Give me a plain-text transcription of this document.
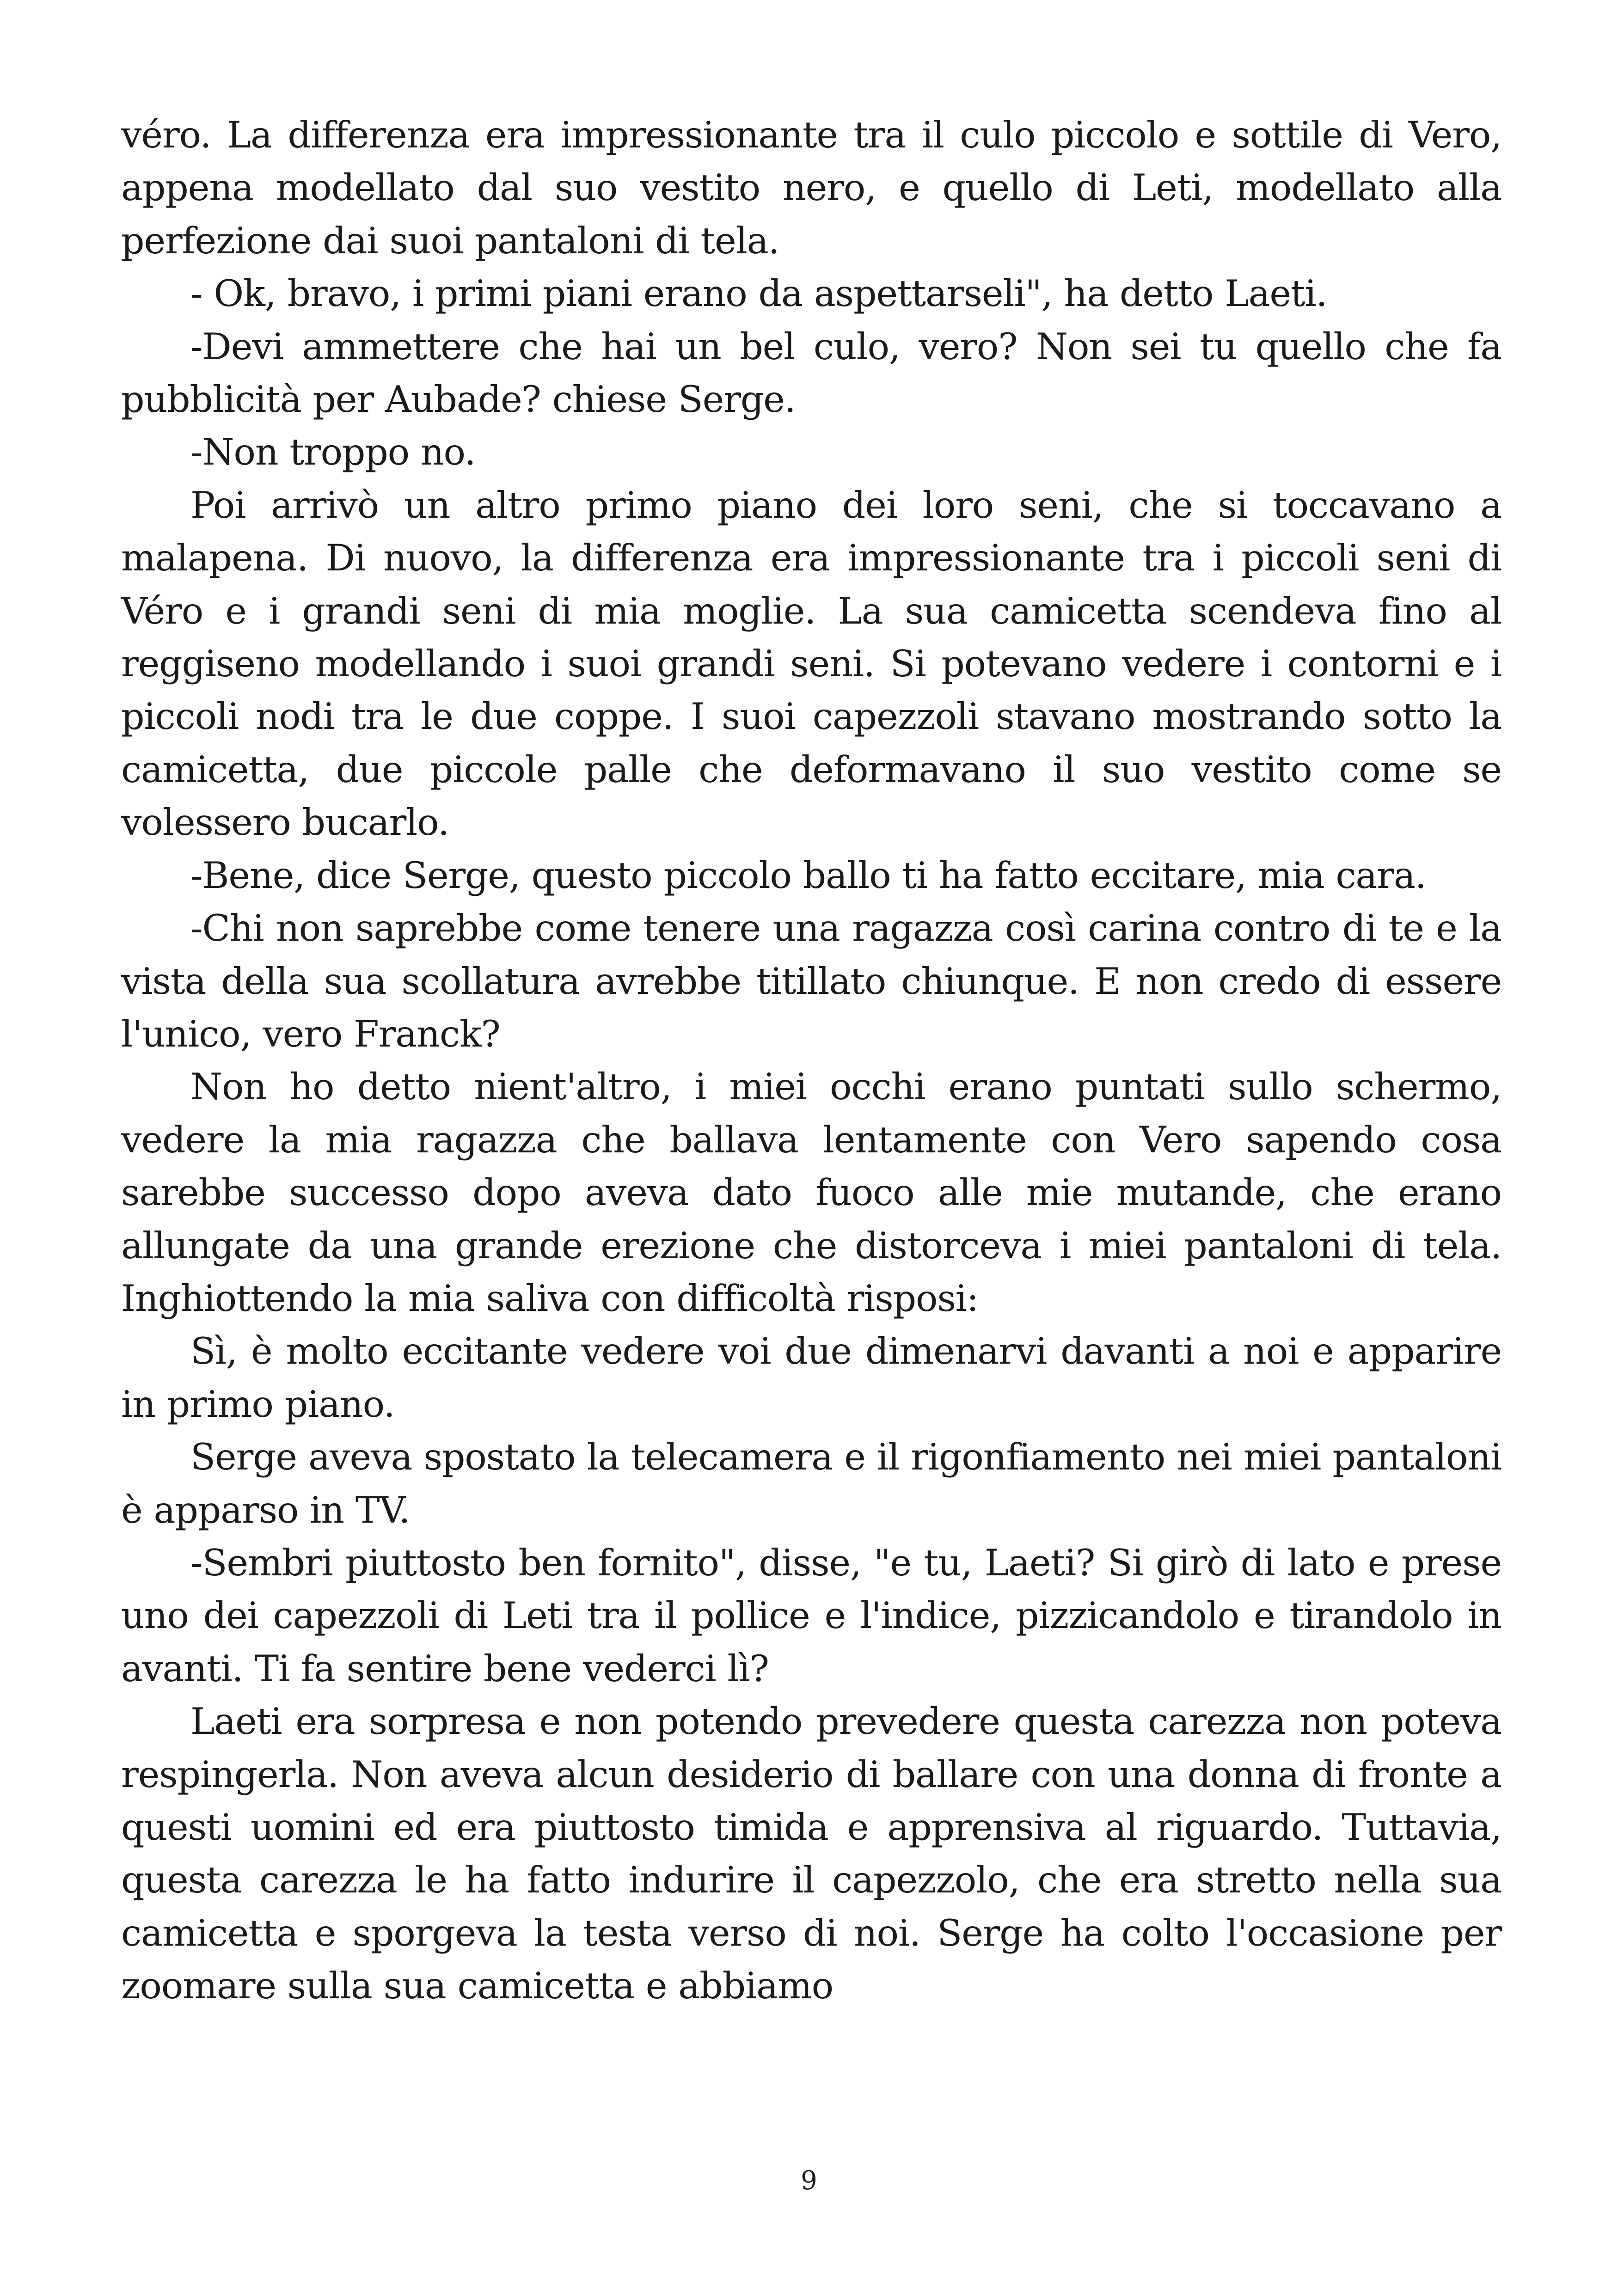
véro. La differenza era impressionante tra il culo piccolo e sottile di Vero, appena modellato dal suo vestito nero, e quello di Leti, modellato alla perfezione dai suoi pantaloni di tela.

- Ok, bravo, i primi piani erano da aspettarseli", ha detto Laeti.

-Devi ammettere che hai un bel culo, vero? Non sei tu quello che fa pubblicità per Aubade? chiese Serge.

-Non troppo no.

Poi arrivò un altro primo piano dei loro seni, che si toccavano a malapena. Di nuovo, la differenza era impressionante tra i piccoli seni di Véro e i grandi seni di mia moglie. La sua camicetta scendeva fino al reggiseno modellando i suoi grandi seni. Si potevano vedere i contorni e i piccoli nodi tra le due coppe. I suoi capezzoli stavano mostrando sotto la camicetta, due piccole palle che deformavano il suo vestito come se volessero bucarlo.

-Bene, dice Serge, questo piccolo ballo ti ha fatto eccitare, mia cara.

-Chi non saprebbe come tenere una ragazza così carina contro di te e la vista della sua scollatura avrebbe titillato chiunque. E non credo di essere l'unico, vero Franck?

Non ho detto nient'altro, i miei occhi erano puntati sullo schermo, vedere la mia ragazza che ballava lentamente con Vero sapendo cosa sarebbe successo dopo aveva dato fuoco alle mie mutande, che erano allungate da una grande erezione che distorceva i miei pantaloni di tela. Inghiottendo la mia saliva con difficoltà risposi:

Sì, è molto eccitante vedere voi due dimenarvi davanti a noi e apparire in primo piano.

Serge aveva spostato la telecamera e il rigonfiamento nei miei pantaloni è apparso in TV.

-Sembri piuttosto ben fornito", disse, "e tu, Laeti? Si girò di lato e prese uno dei capezzoli di Leti tra il pollice e l'indice, pizzicandolo e tirandolo in avanti. Ti fa sentire bene vederci lì?

Laeti era sorpresa e non potendo prevedere questa carezza non poteva respingerla. Non aveva alcun desiderio di ballare con una donna di fronte a questi uomini ed era piuttosto timida e apprensiva al riguardo. Tuttavia, questa carezza le ha fatto indurire il capezzolo, che era stretto nella sua camicetta e sporgeva la testa verso di noi. Serge ha colto l'occasione per zoomare sulla sua camicetta e abbiamo

9
